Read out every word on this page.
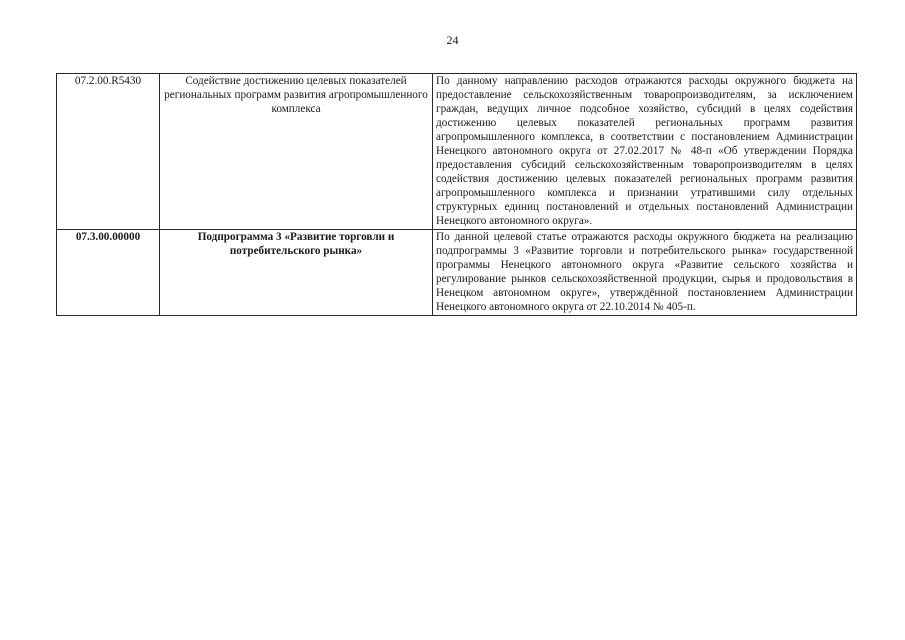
24
07.2.00.R5430	Содействие достижению целевых показателей региональных программ развития агропромышленного комплекса	По данному направлению расходов отражаются расходы окружного бюджета на предоставление сельскохозяйственным товаропроизводителям, за исключением граждан, ведущих личное подсобное хозяйство, субсидий в целях содействия достижению целевых показателей региональных программ развития агропромышленного комплекса, в соответствии с постановлением Администрации Ненецкого автономного округа от 27.02.2017 № 48-п «Об утверждении Порядка предоставления субсидий сельскохозяйственным товаропроизводителям в целях содействия достижению целевых показателей региональных программ развития агропромышленного комплекса и признании утратившими силу отдельных структурных единиц постановлений и отдельных постановлений Администрации Ненецкого автономного округа».
07.3.00.00000	Подпрограмма 3 «Развитие торговли и потребительского рынка»	По данной целевой статье отражаются расходы окружного бюджета на реализацию подпрограммы 3 «Развитие торговли и потребительского рынка» государственной программы Ненецкого автономного округа «Развитие сельского хозяйства и регулирование рынков сельскохозяйственной продукции, сырья и продовольствия в Ненецком автономном округе», утверждённой постановлением Администрации Ненецкого автономного округа от 22.10.2014 № 405-п.
